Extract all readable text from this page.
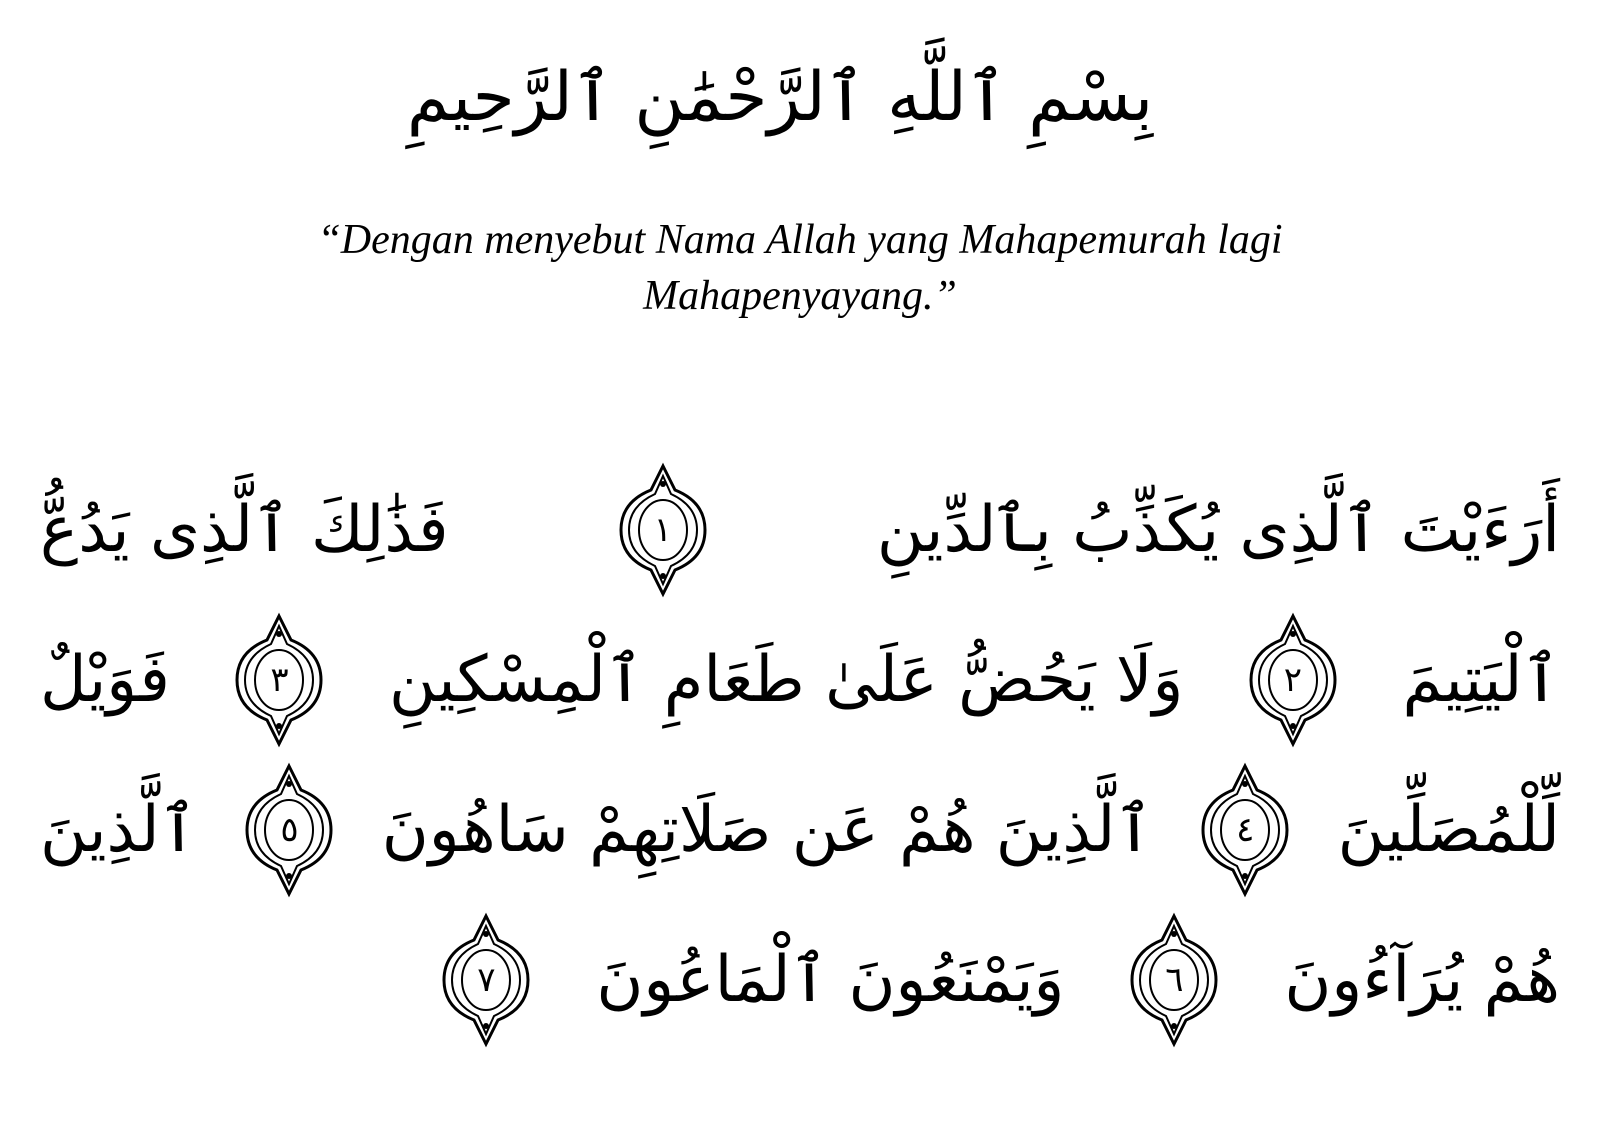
بِسْمِ ٱللَّهِ ٱلرَّحْمَٰنِ ٱلرَّحِيمِ
“Dengan menyebut Nama Allah yang Mahapemurah lagi
Mahapenyayang.”
أَرَءَيْتَ ٱلَّذِى يُكَذِّبُ بِٱلدِّينِ
١
فَذَٰلِكَ ٱلَّذِى يَدُعُّ
ٱلْيَتِيمَ
٢
وَلَا يَحُضُّ عَلَىٰ طَعَامِ ٱلْمِسْكِينِ
٣
فَوَيْلٌ
لِّلْمُصَلِّينَ
٤
ٱلَّذِينَ هُمْ عَن صَلَاتِهِمْ سَاهُونَ
٥
ٱلَّذِينَ
هُمْ يُرَآءُونَ
٦
وَيَمْنَعُونَ ٱلْمَاعُونَ
٧
